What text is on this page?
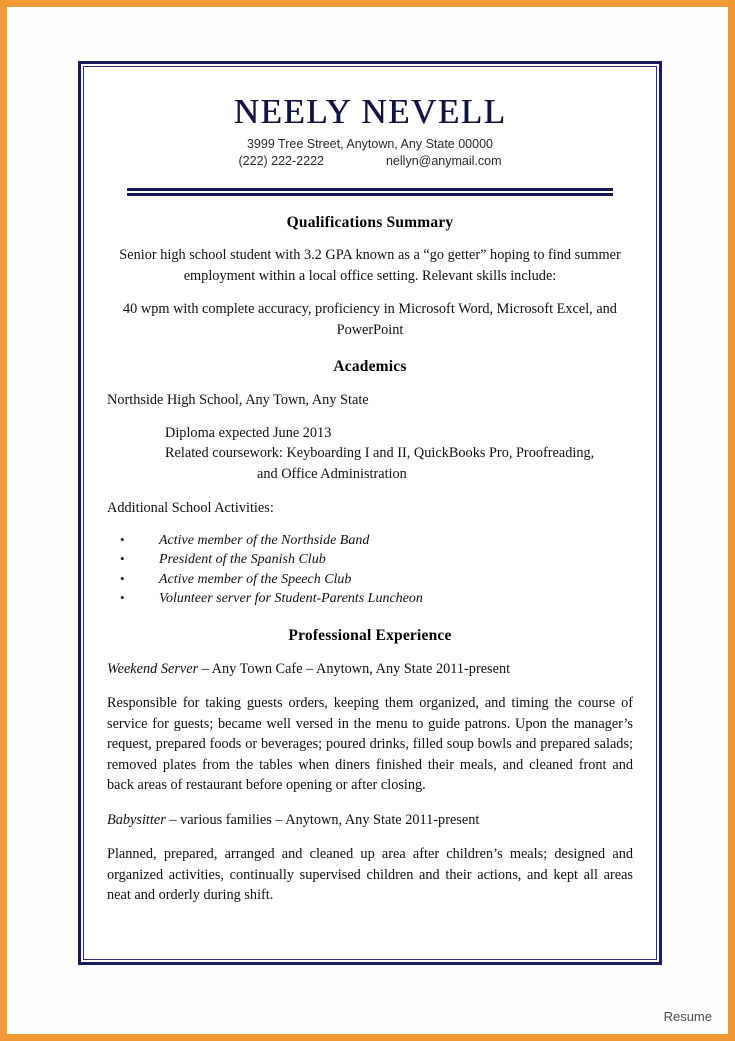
NEELY NEVELL
3999 Tree Street, Anytown, Any State 00000
(222) 222-2222	nellyn@anymail.com
Qualifications Summary

Senior high school student with 3.2 GPA known as a “go getter” hoping to find summer employment within a local office setting. Relevant skills include:

40 wpm with complete accuracy, proficiency in Microsoft Word, Microsoft Excel, and PowerPoint

Academics

Northside High School, Any Town, Any State

Diploma expected June 2013
Related coursework: Keyboarding I and II, QuickBooks Pro, Proofreading,
and Office Administration

Additional School Activities:

• Active member of the Northside Band
• President of the Spanish Club
• Active member of the Speech Club
• Volunteer server for Student-Parents Luncheon
Professional Experience

Weekend Server – Any Town Cafe – Anytown, Any State 2011-present

Responsible for taking guests orders, keeping them organized, and timing the course of service for guests; became well versed in the menu to guide patrons. Upon the manager’s request, prepared foods or beverages; poured drinks, filled soup bowls and prepared salads; removed plates from the tables when diners finished their meals, and cleaned front and back areas of restaurant before opening or after closing.

Babysitter – various families – Anytown, Any State 2011-present

Planned, prepared, arranged and cleaned up area after children’s meals; designed and organized activities, continually supervised children and their actions, and kept all areas neat and orderly during shift.

Resume
